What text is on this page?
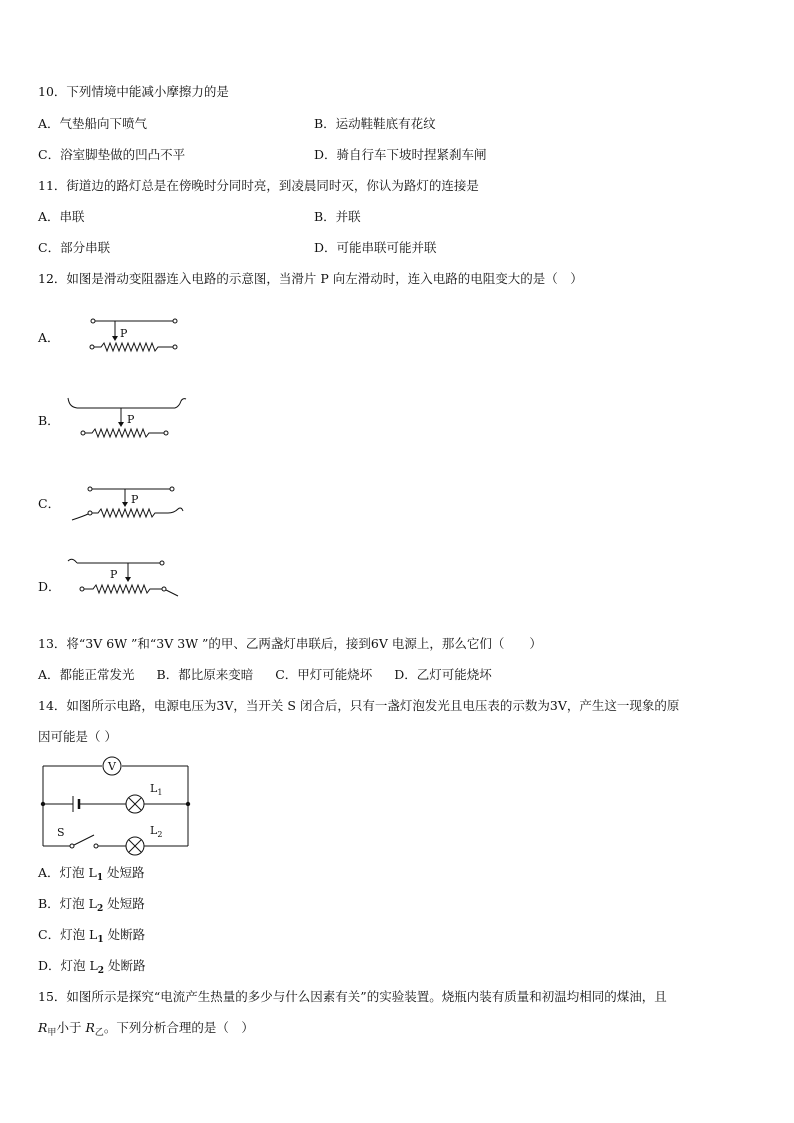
10．下列情境中能减小摩擦力的是
A．气垫船向下喷气	B．运动鞋鞋底有花纹
C．浴室脚垫做的凹凸不平	D．骑自行车下坡时捏紧刹车闸
11．街道边的路灯总是在傍晚时分同时亮，到凌晨同时灭，你认为路灯的连接是
A．串联	B．并联
C．部分串联	D．可能串联可能并联
12．如图是滑动变阻器连入电路的示意图，当滑片 P 向左滑动时，连入电路的电阻变大的是（　）
A．	P
B．	P
C．	P
D．
P
13．将“3V 6W ”和“3V 3W ”的甲、乙两盏灯串联后，接到6V 电源上，那么它们（　　）
A．都能正常发光 B．都比原来变暗 C．甲灯可能烧坏 D．乙灯可能烧坏
14．如图所示电路，电源电压为3V，当开关 S 闭合后，只有一盏灯泡发光且电压表的示数为3V，产生这一现象的原
因可能是（ ）
V
$L_1$
S	$L_2$
A．灯泡 $L_1$ 处短路
B．灯泡 $L_2$ 处短路
C．灯泡 $L_1$ 处断路
D．灯泡 $L_2$ 处断路
15．如图所示是探究“电流产生热量的多少与什么因素有关”的实验装置。烧瓶内装有质量和初温均相同的煤油，且
$R_甲$小于 $R_乙$。下列分析合理的是（　）
